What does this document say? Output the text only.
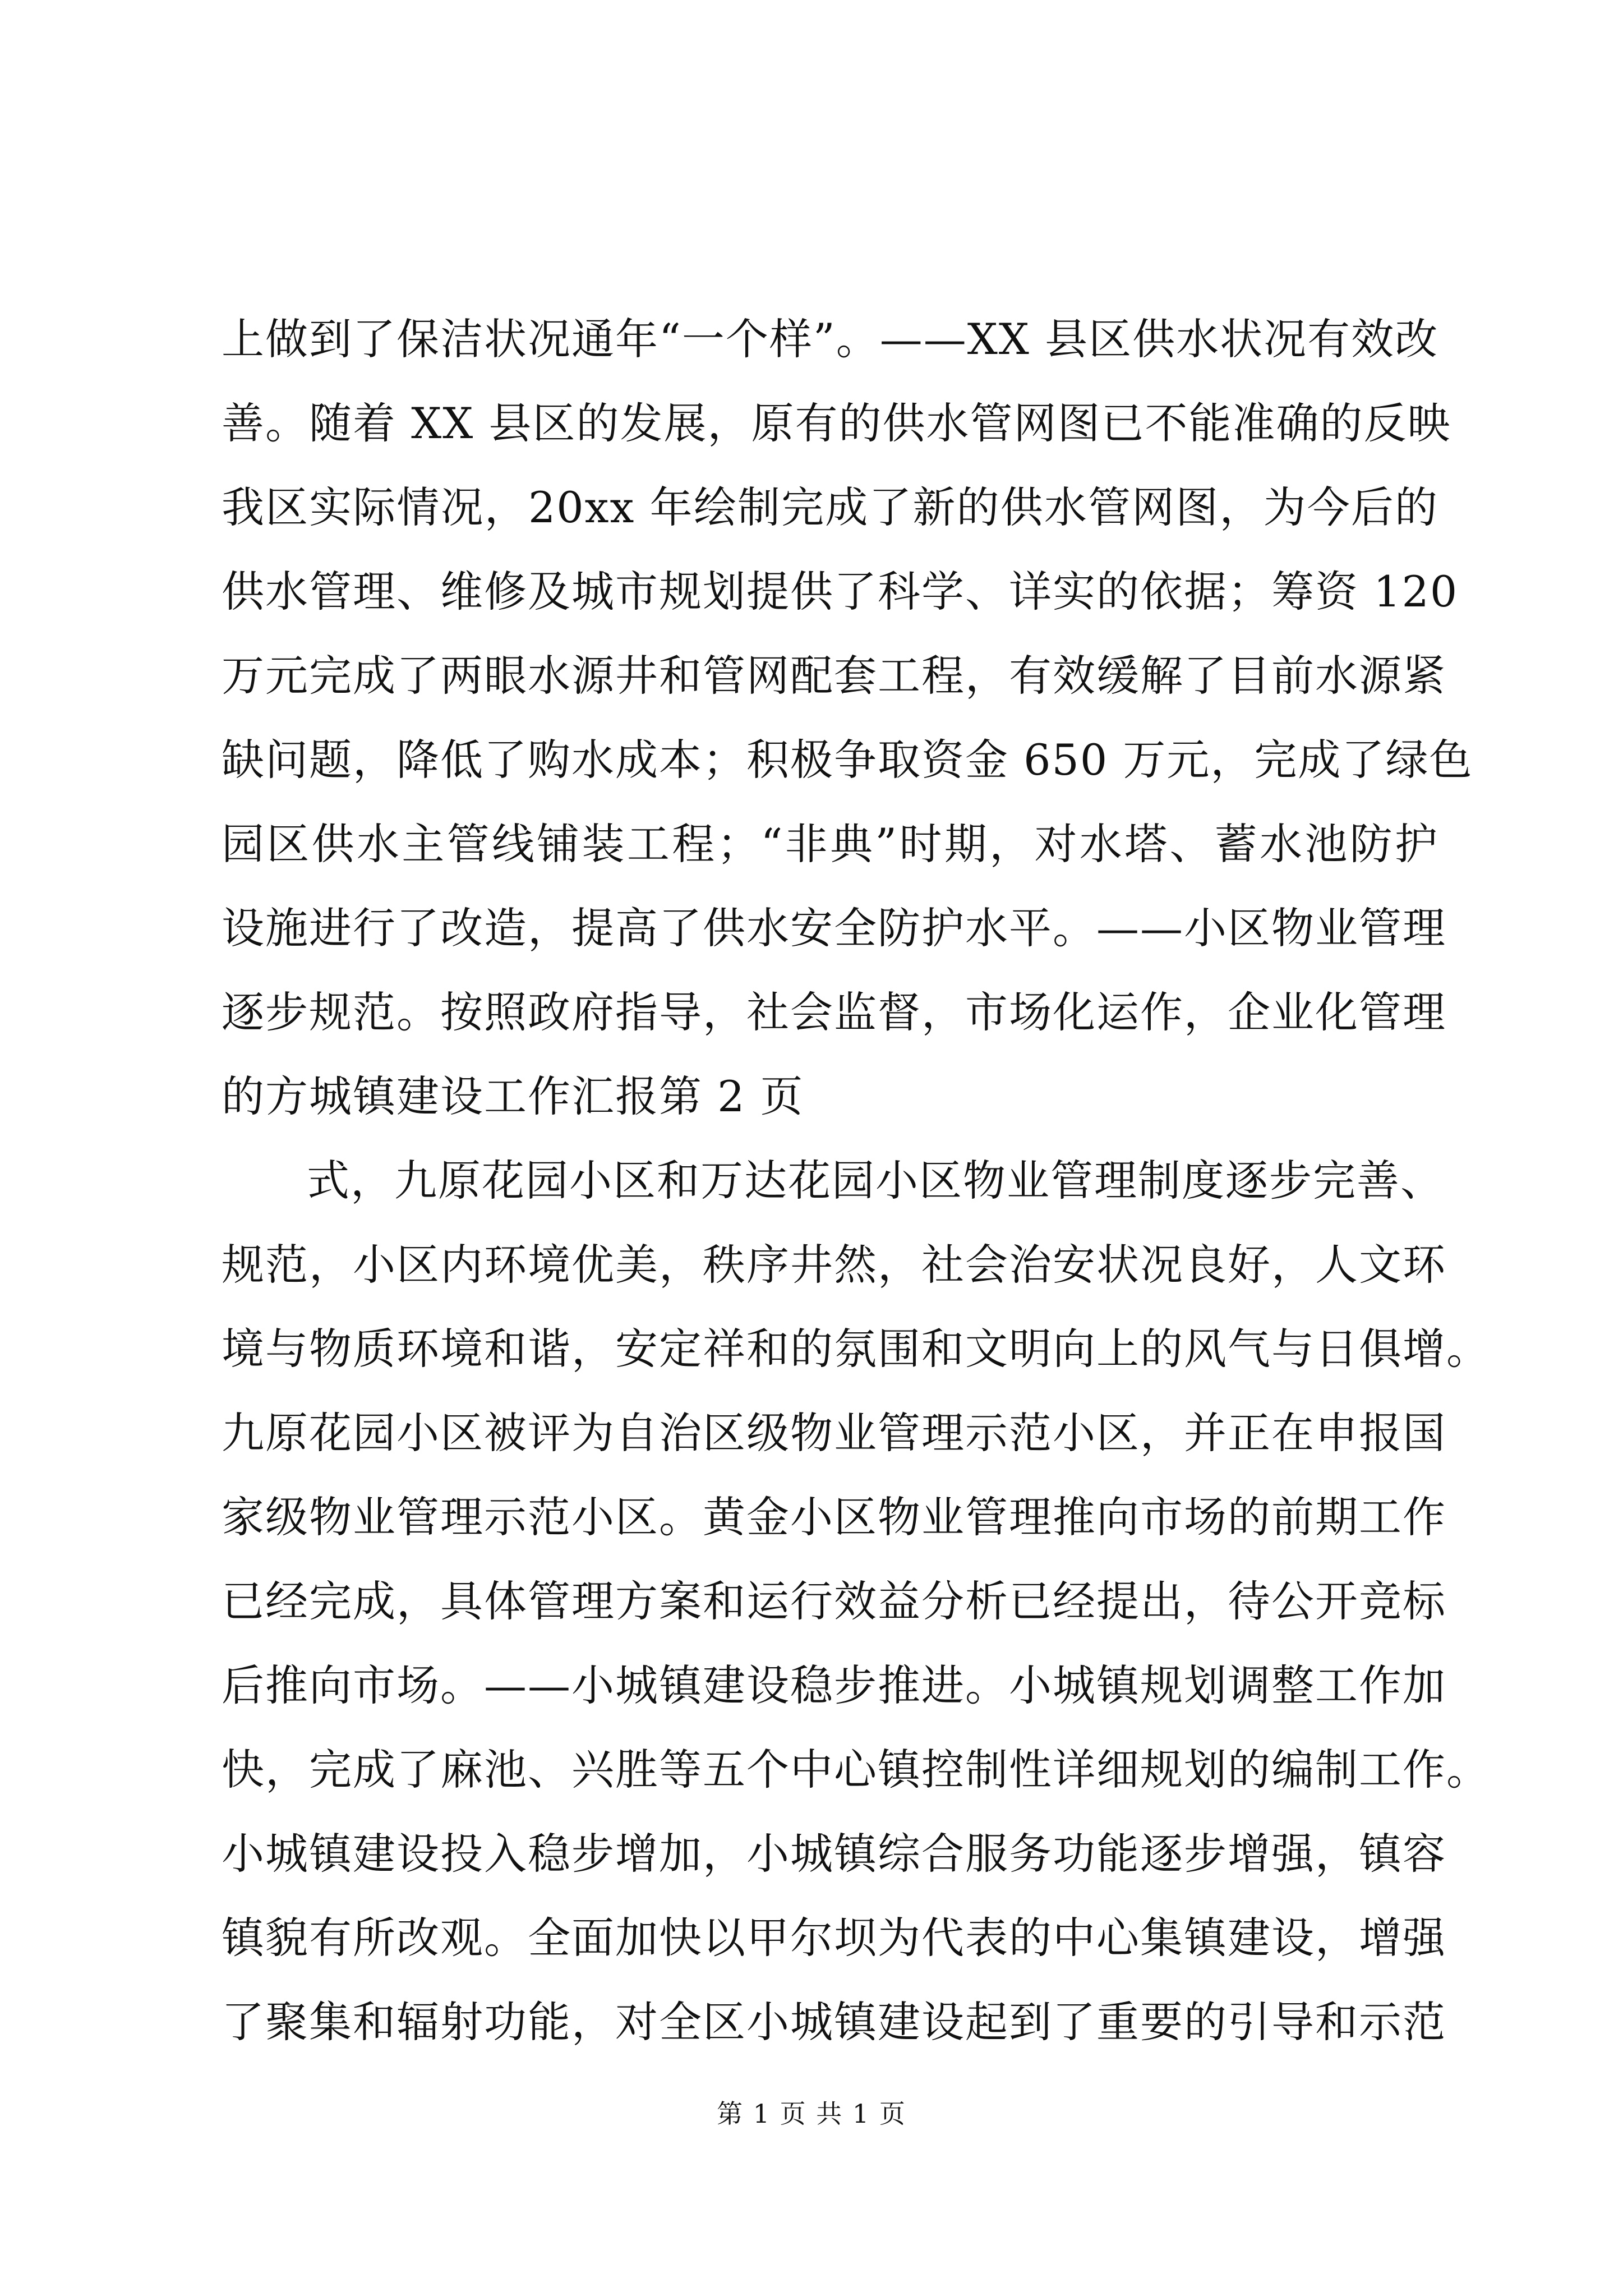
上做到了保洁状况通年“一个样”。——XX 县区供水状况有效改
善。随着 XX 县区的发展，原有的供水管网图已不能准确的反映
我区实际情况，20xx 年绘制完成了新的供水管网图，为今后的
供水管理、维修及城市规划提供了科学、详实的依据；筹资 120
万元完成了两眼水源井和管网配套工程，有效缓解了目前水源紧
缺问题，降低了购水成本；积极争取资金 650 万元，完成了绿色
园区供水主管线铺装工程；“非典”时期，对水塔、蓄水池防护
设施进行了改造，提高了供水安全防护水平。——小区物业管理
逐步规范。按照政府指导，社会监督，市场化运作，企业化管理
的方城镇建设工作汇报第 2 页
式，九原花园小区和万达花园小区物业管理制度逐步完善、
规范，小区内环境优美，秩序井然，社会治安状况良好，人文环
境与物质环境和谐，安定祥和的氛围和文明向上的风气与日俱增。
九原花园小区被评为自治区级物业管理示范小区，并正在申报国
家级物业管理示范小区。黄金小区物业管理推向市场的前期工作
已经完成，具体管理方案和运行效益分析已经提出，待公开竞标
后推向市场。——小城镇建设稳步推进。小城镇规划调整工作加
快，完成了麻池、兴胜等五个中心镇控制性详细规划的编制工作。
小城镇建设投入稳步增加，小城镇综合服务功能逐步增强，镇容
镇貌有所改观。全面加快以甲尔坝为代表的中心集镇建设，增强
了聚集和辐射功能，对全区小城镇建设起到了重要的引导和示范
第 1 页 共 1 页
